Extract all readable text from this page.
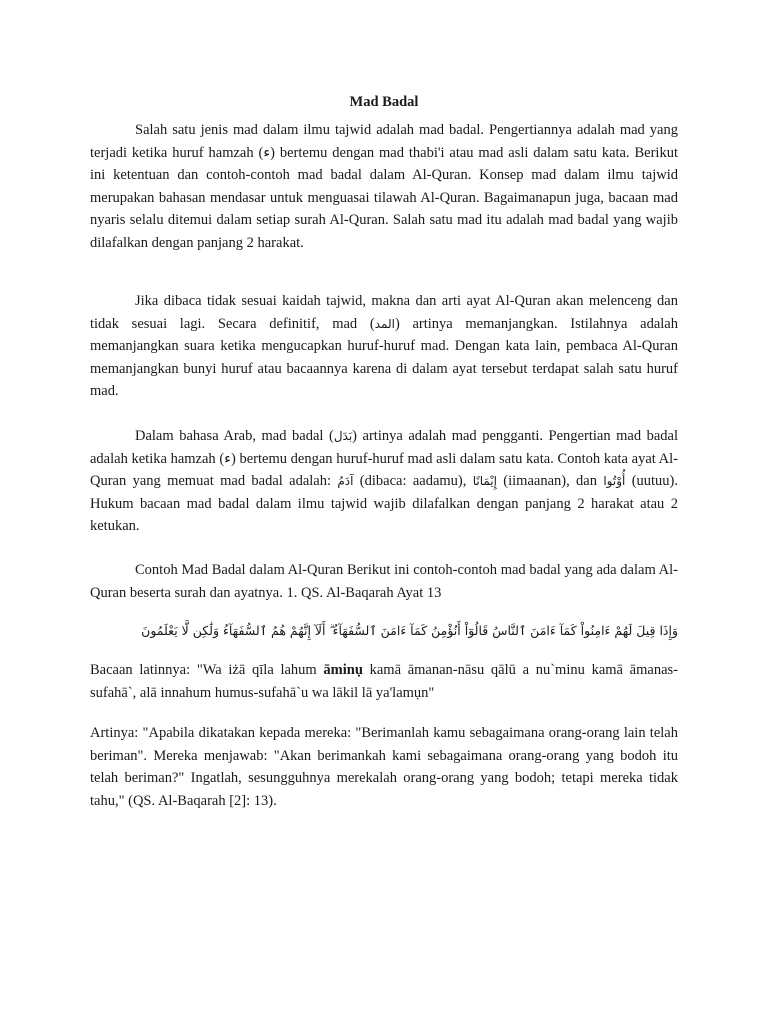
Mad Badal

Salah satu jenis mad dalam ilmu tajwid adalah mad badal. Pengertiannya adalah mad yang terjadi ketika huruf hamzah (ء) bertemu dengan mad thabi'i atau mad asli dalam satu kata. Berikut ini ketentuan dan contoh-contoh mad badal dalam Al-Quran. Konsep mad dalam ilmu tajwid merupakan bahasan mendasar untuk menguasai tilawah Al-Quran. Bagaimanapun juga, bacaan mad nyaris selalu ditemui dalam setiap surah Al-Quran. Salah satu mad itu adalah mad badal yang wajib dilafalkan dengan panjang 2 harakat.

Jika dibaca tidak sesuai kaidah tajwid, makna dan arti ayat Al-Quran akan melenceng dan tidak sesuai lagi. Secara definitif, mad (المد) artinya memanjangkan. Istilahnya adalah memanjangkan suara ketika mengucapkan huruf-huruf mad. Dengan kata lain, pembaca Al-Quran memanjangkan bunyi huruf atau bacaannya karena di dalam ayat tersebut terdapat salah satu huruf mad.

Dalam bahasa Arab, mad badal (بَدَل) artinya adalah mad pengganti. Pengertian mad badal adalah ketika hamzah (ء) bertemu dengan huruf-huruf mad asli dalam satu kata. Contoh kata ayat Al-Quran yang memuat mad badal adalah: آدَمُ (dibaca: aadamu), إِيْمَانًا (iimaanan), dan أُوْتُوا (uutuu). Hukum bacaan mad badal dalam ilmu tajwid wajib dilafalkan dengan panjang 2 harakat atau 2 ketukan.

Contoh Mad Badal dalam Al-Quran Berikut ini contoh-contoh mad badal yang ada dalam Al-Quran beserta surah dan ayatnya. 1. QS. Al-Baqarah Ayat 13

وَإِذَا قِيلَ لَهُمْ ءَامِنُواْ كَمَآ ءَامَنَ ٱلنَّاسُ قَالُوٓاْ أَنُؤْمِنُ كَمَآ ءَامَنَ ٱلسُّفَهَآءُ ۗ أَلَآ إِنَّهُمْ هُمُ ٱلسُّفَهَآءُ وَلَٰكِن لَّا يَعْلَمُونَ

Bacaan latinnya: "Wa iżā qīla lahum āminụ kamā āmanan-nāsu qālū a nu`minu kamā āmanas-sufahā`, alā innahum humus-sufahā`u wa lākil lā ya'lamụn"

Artinya: "Apabila dikatakan kepada mereka: "Berimanlah kamu sebagaimana orang-orang lain telah beriman". Mereka menjawab: "Akan berimankah kami sebagaimana orang-orang yang bodoh itu telah beriman?" Ingatlah, sesungguhnya merekalah orang-orang yang bodoh; tetapi mereka tidak tahu," (QS. Al-Baqarah [2]: 13).
